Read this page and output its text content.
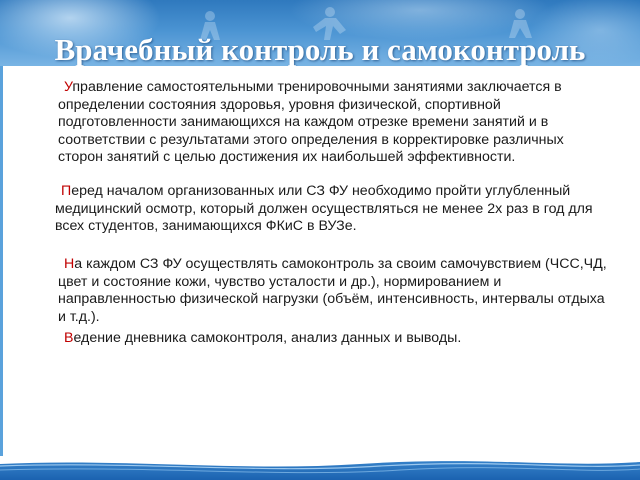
Врачебный контроль и самоконтроль

Управление самостоятельными тренировочными занятиями заключается в определении состояния здоровья, уровня физической, спортивной подготовленности занимающихся на каждом отрезке времени занятий и в соответствии с результатами этого определения в корректировке различных сторон занятий с целью достижения их наибольшей эффективности.

Перед началом организованных или СЗ ФУ необходимо пройти углубленный медицинский осмотр, который должен осуществляться не менее 2х раз в год для всех студентов, занимающихся ФКиС в ВУЗе.

На каждом СЗ ФУ осуществлять самоконтроль за своим самочувствием (ЧСС,ЧД, цвет и состояние кожи, чувство усталости и др.), нормированием и направленностью физической нагрузки (объём, интенсивность, интервалы отдыха и т.д.).

Ведение дневника самоконтроля, анализ данных и выводы.
